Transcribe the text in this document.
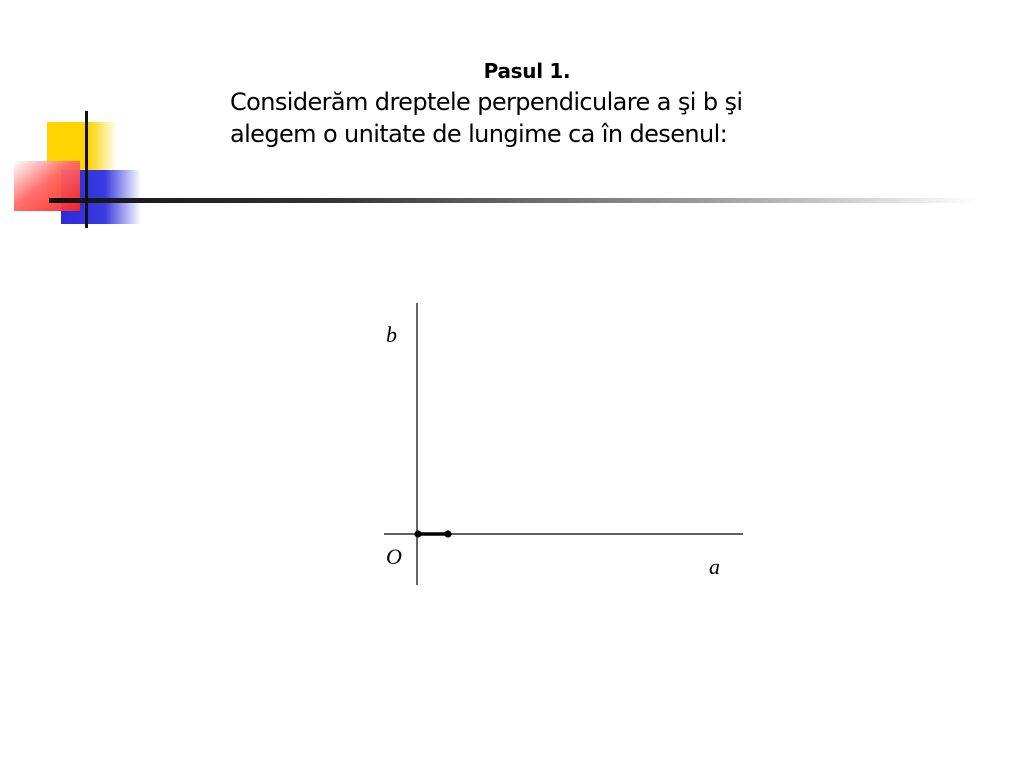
Pasul 1.
Considerăm dreptele perpendiculare a şi b şi
alegem o unitate de lungime ca în desenul:
b
O	a
